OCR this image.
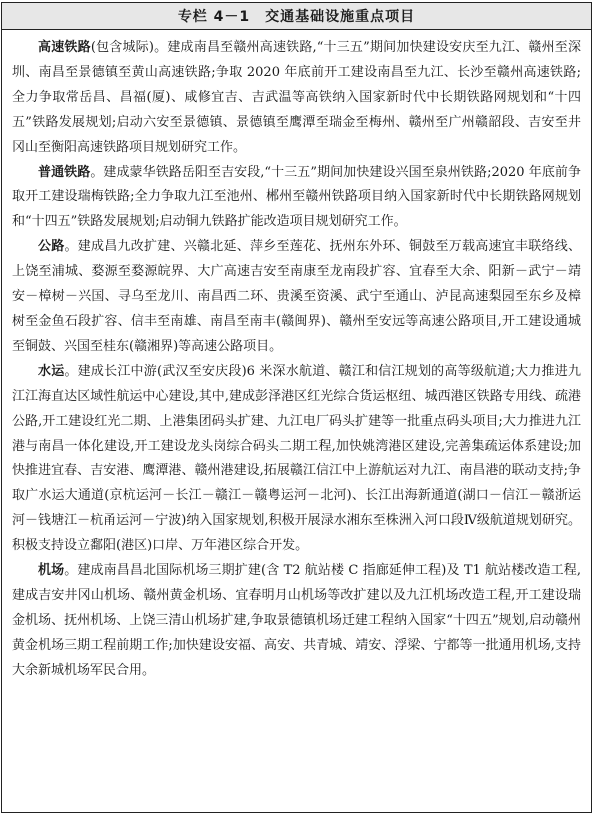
专栏 4－1　交通基础设施重点项目

高速铁路(包含城际)。建成南昌至赣州高速铁路,“十三五”期间加快建设安庆至九江、赣州至深圳、南昌至景德镇至黄山高速铁路;争取 2020 年底前开工建设南昌至九江、长沙至赣州高速铁路;全力争取常岳昌、昌福(厦)、咸修宜吉、吉武温等高铁纳入国家新时代中长期铁路网规划和“十四五”铁路发展规划;启动六安至景德镇、景德镇至鹰潭至瑞金至梅州、赣州至广州赣韶段、吉安至井冈山至衡阳高速铁路项目规划研究工作。

普通铁路。建成蒙华铁路岳阳至吉安段,“十三五”期间加快建设兴国至泉州铁路;2020 年底前争取开工建设瑞梅铁路;全力争取九江至池州、郴州至赣州铁路项目纳入国家新时代中长期铁路网规划和“十四五”铁路发展规划;启动铜九铁路扩能改造项目规划研究工作。

公路。建成昌九改扩建、兴赣北延、萍乡至莲花、抚州东外环、铜鼓至万载高速宜丰联络线、上饶至浦城、婺源至婺源皖界、大广高速吉安至南康至龙南段扩容、宜春至大余、阳新－武宁－靖安－樟树－兴国、寻乌至龙川、南昌西二环、贵溪至资溪、武宁至通山、泸昆高速梨园至东乡及樟树至金鱼石段扩容、信丰至南雄、南昌至南丰(赣闽界)、赣州至安远等高速公路项目,开工建设通城至铜鼓、兴国至桂东(赣湘界)等高速公路项目。

水运。建成长江中游(武汉至安庆段)6 米深水航道、赣江和信江规划的高等级航道;大力推进九江江海直达区域性航运中心建设,其中,建成彭泽港区红光综合货运枢纽、城西港区铁路专用线、疏港公路,开工建设红光二期、上港集团码头扩建、九江电厂码头扩建等一批重点码头项目;大力推进九江港与南昌一体化建设,开工建设龙头岗综合码头二期工程,加快姚湾港区建设,完善集疏运体系建设;加快推进宜春、吉安港、鹰潭港、赣州港建设,拓展赣江信江中上游航运对九江、南昌港的联动支持;争取广水运大通道(京杭运河－长江－赣江－赣粤运河－北河)、长江出海新通道(湖口－信江－赣浙运河－钱塘江－杭甬运河－宁波)纳入国家规划,积极开展渌水湘东至株洲入河口段Ⅳ级航道规划研究。积极支持设立鄱阳(港区)口岸、万年港区综合开发。

机场。建成南昌昌北国际机场三期扩建(含 T2 航站楼 C 指廊延伸工程)及 T1 航站楼改造工程,建成吉安井冈山机场、赣州黄金机场、宜春明月山机场等改扩建以及九江机场改造工程,开工建设瑞金机场、抚州机场、上饶三清山机场扩建,争取景德镇机场迁建工程纳入国家“十四五”规划,启动赣州黄金机场三期工程前期工作;加快建设安福、高安、共青城、靖安、浮梁、宁都等一批通用机场,支持大余新城机场军民合用。
